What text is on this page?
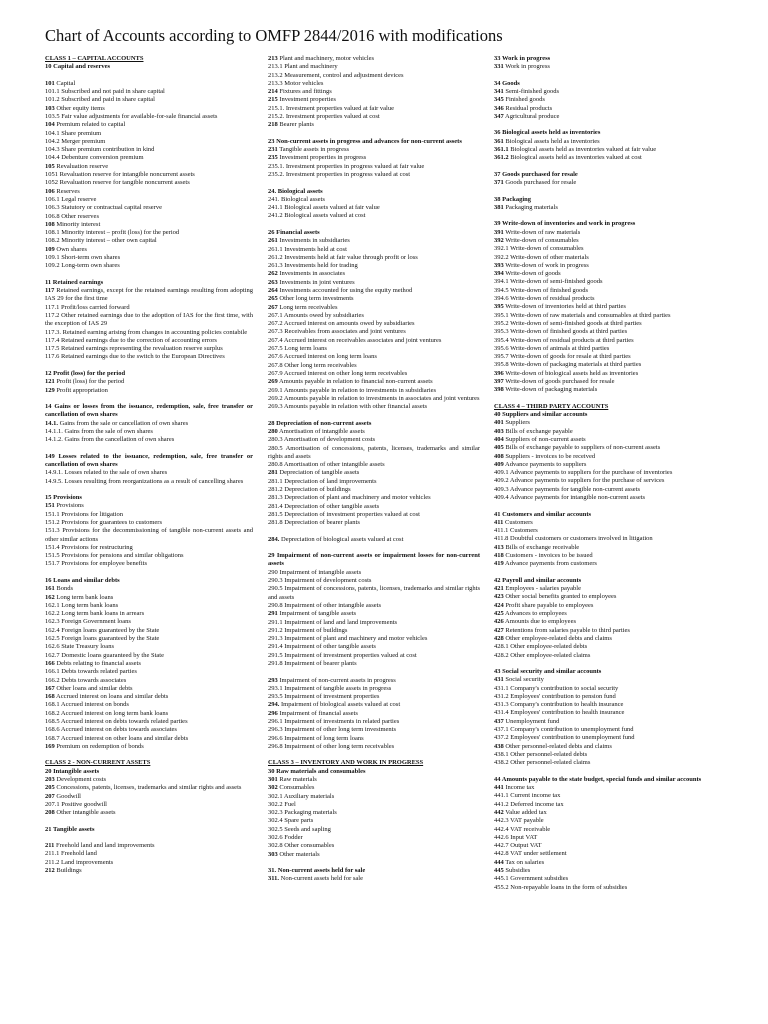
Chart of Accounts according to OMFP 2844/2016 with modifications

CLASS 1 – CAPITAL ACCOUNTS

10 Capital and reserves

101 Capital

101.1 Subscribed and not paid in share capital

101.2 Subscribed and paid in share capital

103 Other equity items

103.5 Fair value adjustments for available-for-sale financial assets

104 Premium related to capital

104.1 Share premium

104.2 Merger premium

104.3 Share premium contribution in kind

104.4 Debenture conversion premium

105 Revaluation reserve

1051 Revaluation reserve for intangible noncurrent assets

1052 Revaluation reserve for tangible noncurrent assets

106 Reserves

106.1 Legal reserve

106.3 Statutory or contractual capital reserve

106.8 Other reserves

108 Minority interest

108.1 Minority interest – profit (loss) for the period

108.2 Minority interest – other own capital

109 Own shares

109.1 Short-term own shares

109.2 Long-term own shares

11 Retained earnings

117 Retained earnings, except for the retained earnings resulting from adopting IAS 29 for the first time

117.1 Profit/loss carried forward

117.2 Other retained earnings due to the adoption of IAS for the first time, with the exception of IAS 29

117.3. Retained earning arising from changes in accounting policies contabile

117.4 Retained earnings due to the correction of accounting errors

117.5 Retained earnings representing the revaluation reserve surplus

117.6 Retained earnings due to the switch to the European Directives

12 Profit (loss) for the period

121 Profit (loss) for the period

129 Profit appropriation

14 Gains or losses from the issuance, redemption, sale, free transfer or cancellation of own shares

14.1. Gains from the sale or cancellation of own shares

14.1.1. Gains from the sale of own shares

14.1.2. Gains from the cancellation of own shares

149 Losses related to the issuance, redemption, sale, free transfer or cancellation of own shares

14.9.1. Losses related to the sale of own shares

14.9.5. Losses resulting from reorganizations as a result of cancelling shares

15 Provisions

151 Provisions

151.1 Provisions for litigation

151.2 Provisions for guarantees to customers

151.3 Provisions for the decommissioning of tangible non-current assets and other similar actions

151.4 Provisions for restructuring

151.5 Provisions for pensions and similar obligations

151.7 Provisions for employee benefits

16 Loans and similar debts

161 Bonds

162 Long term bank loans

162.1 Long term bank loans

162.2 Long term bank loans in arrears

162.3 Foreign Government loans

162.4 Foreign loans guaranteed by the State

162.5 Foreign loans guaranteed by the State

162.6 State Treasury loans

162.7 Domestic loans guaranteed by the State

166 Debts relating to financial assets

166.1 Debts towards related parties

166.2 Debts towards associates

167 Other loans and similar debts

168 Accrued interest on loans and similar debts

168.1 Accrued interest on bonds

168.2 Accrued interest on long term bank loans

168.5 Accrued interest on debts towards related parties

168.6 Accrued interest on debts towards associates

168.7 Accrued interest on other loans and similar debts

169 Premium on redemption of bonds

CLASS 2 - NON-CURRENT ASSETS

20 Intangible assets

203 Development costs

205 Concessions, patents, licenses, trademarks and similar rights and assets

207 Goodwill

207.1 Positive goodwill

208 Other intangible assets

21 Tangible assets

211 Freehold land and land improvements

211.1 Freehold land

211.2 Land improvements

212 Buildings

213 Plant and machinery, motor vehicles

213.1 Plant and machinery

213.2 Measurement, control and adjustment devices

213.3 Motor vehicles

214 Fixtures and fittings

215 Investment properties

215.1. Investment properties valued at fair value

215.2. Investment properties valued at cost

218 Bearer plants

23 Non-current assets in progress and advances for non-current assets

231 Tangible assets in progress

235 Investment properties in progress

235.1. Investment properties in progress valued at fair value

235.2. Investment properties in progress valued at cost

24. Biological assets

241. Biological assets

241.1 Biological assets valued at fair value

241.2 Biological assets valued at cost

26 Financial assets

261 Investments in subsidiaries

261.1 Investments held at cost

261.2 Investments held at fair value through profit or loss

261.3 Investments held for trading

262 Investments in associates

263 Investments in joint ventures

264 Investments accounted for using the equity method

265 Other long term investments

267 Long term receivables

267.1 Amounts owed by subsidiaries

267.2 Accrued interest on amounts owed by subsidiaries

267.3 Receivables from associates and joint ventures

267.4 Accrued interest on receivables associates and joint ventures

267.5 Long term loans

267.6 Accrued interest on long term loans

267.8 Other long term receivables

267.9 Accrued interest on other long term receivables

269 Amounts payable in relation to financial non-current assets

269.1 Amounts payable in relation to investments in subsidiaries

269.2 Amounts payable in relation to investments in associates and joint ventures

269.3 Amounts payable in relation with other financial assets

28 Depreciation of non-current assets

280 Amortisation of intangible assets

280.3 Amortisation of development costs

280.5 Amortisation of concessions, patents, licenses, trademarks and similar rights and assets

280.8 Amortisation of other intangible assets

281 Depreciation of tangible assets

281.1 Depreciation of land improvements

281.2 Depreciation of buildings

281.3 Depreciation of plant and machinery and motor vehicles

281.4 Depreciation of other tangible assets

281.5 Depreciation of investment properties valued at cost

281.8 Depreciation of bearer plants

284. Depreciation of biological assets valued at cost

29 Impairment of non-current assets or impairment losses for non-current assets

290 Impairment of intangible assets

290.3 Impairment of development costs

290.5 Impairment of concessions, patents, licenses, trademarks and similar rights and assets

290.8 Impairment of other intangible assets

291 Impairment of tangible assets

291.1 Impairment of land and land improvements

291.2 Impairment of buildings

291.3 Impairment of plant and machinery and motor vehicles

291.4 Impairment of other tangible assets

291.5 Impairment of investment properties valued at cost

291.8 Impairment of bearer plants

293 Impairment of non-current assets in progress

293.1 Impairment of tangible assets in progress

293.5 Impairment of investment properties

294. Impairment of biological assets valued at cost

296 Impairment of financial assets

296.1 Impairment of investments in related parties

296.3 Impairment of other long term investments

296.6 Impairment of long term loans

296.8 Impairment of other long term receivables

CLASS 3 – INVENTORY AND WORK IN PROGRESS

30 Raw materials and consumables

301 Raw materials

302 Consumables

302.1 Auxiliary materials

302.2 Fuel

302.3 Packaging materials

302.4 Spare parts

302.5 Seeds and sapling

302.6 Fodder

302.8 Other consumables

303 Other materials

31. Non-current assets held for sale

311. Non-current assets held for sale

33 Work in progress

331 Work in progress

34 Goods

341 Semi-finished goods

345 Finished goods

346 Residual products

347 Agricultural produce

36 Biological assets held as inventories

361 Biological assets held as inventories

361.1 Biological assets held as inventories valued at fair value

361.2 Biological assets held as inventories valued at cost

37 Goods purchased for resale

371 Goods purchased for resale

38 Packaging

381 Packaging materials

39 Write-down of inventories and work in progress

391 Write-down of raw materials

392 Write-down of consumables

392.1 Write-down of consumables

392.2 Write-down of other materials

393 Write-down of work in progress

394 Write-down of goods

394.1 Write-down of semi-finished goods

394.5 Write-down of finished goods

394.6 Write-down of residual products

395 Write-down of inventories held at third parties

395.1 Write-down of raw materials and consumables at third parties

395.2 Write-down of semi-finished goods at third parties

395.3 Write-down of finished goods at third parties

395.4 Write-down of residual products at third parties

395.6 Write-down of animals at third parties

395.7 Write-down of goods for resale at third parties

395.8 Write-down of packaging materials at third parties

396 Write-down of biological assets held as inventories

397 Write-down of goods purchased for resale

398 Write-down of packaging materials

CLASS 4 – THIRD PARTY ACCOUNTS

40 Suppliers and similar accounts

401 Suppliers

403 Bills of exchange payable

404 Suppliers of non-current assets

405 Bills of exchange payable to suppliers of non-current assets

408 Suppliers - invoices to be received

409 Advance payments to suppliers

409.1 Advance payments to suppliers for the purchase of inventories

409.2 Advance payments to suppliers for the purchase of services

409.3 Advance payments for tangible non-current assets

409.4 Advance payments for intangible non-current assets

41 Customers and similar accounts

411 Customers

411.1 Customers

411.8 Doubtful customers or customers involved in litigation

413 Bills of exchange receivable

418 Customers - invoices to be issued

419 Advance payments from customers

42 Payroll and similar accounts

421 Employees - salaries payable

423 Other social benefits granted to employees

424 Profit share payable to employees

425 Advances to employees

426 Amounts due to employees

427 Retentions from salaries payable to third parties

428 Other employee-related debts and claims

428.1 Other employee-related debts

428.2 Other employee-related claims

43 Social security and similar accounts

431 Social security

431.1 Company's contribution to social security

431.2 Employees' contribution to pension fund

431.3 Company's contribution to health insurance

431.4 Employees' contribution to health insurance

437 Unemployment fund

437.1 Company's contribution to unemployment fund

437.2 Employees' contribution to unemployment fund

438 Other personnel-related debts and claims

438.1 Other personnel-related debts

438.2 Other personnel-related claims

44 Amounts payable to the state budget, special funds and similar accounts

441 Income tax

441.1 Current income tax

441.2 Deferred income tax

442 Value added tax

442.3 VAT payable

442.4 VAT receivable

442.6 Input VAT

442.7 Output VAT

442.8 VAT under settlement

444 Tax on salaries

445 Subsidies

445.1 Government subsidies

455.2 Non-repayable loans in the form of subsidies
